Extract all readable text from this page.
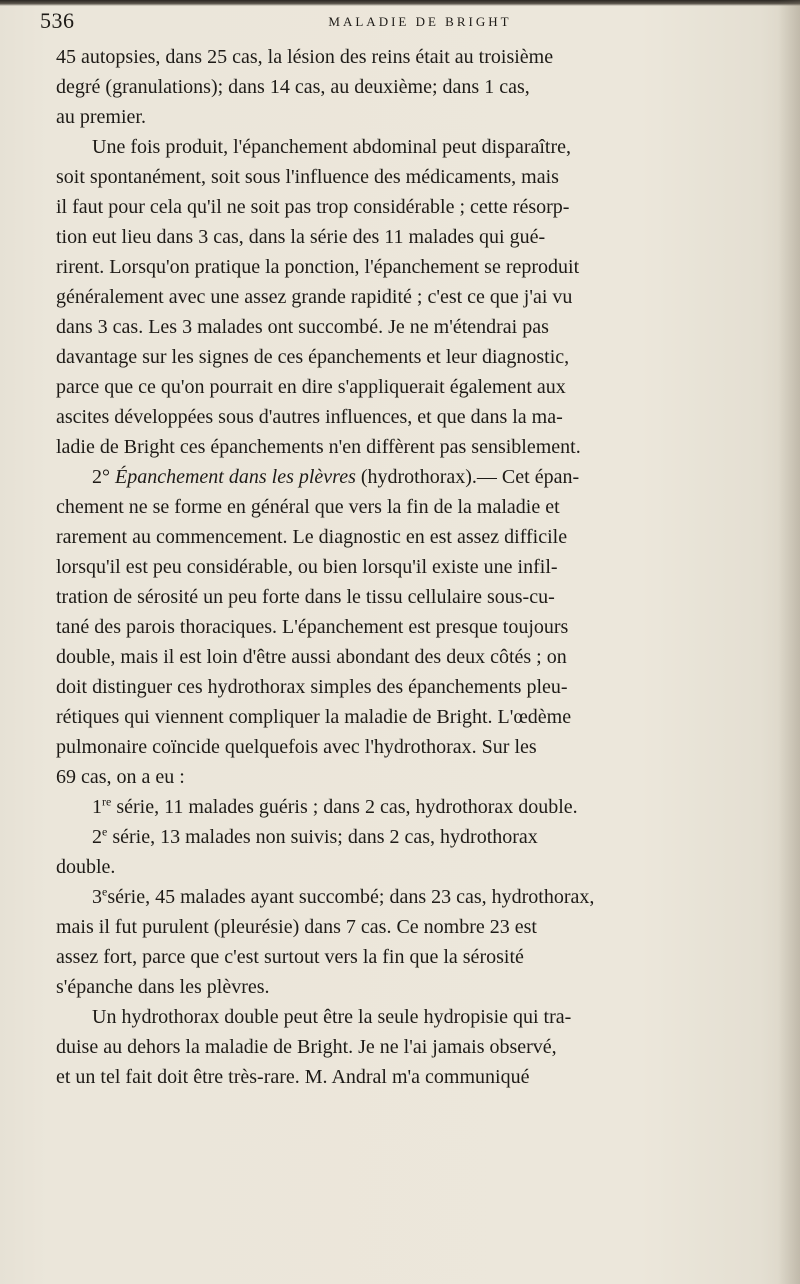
536	MALADIE DE BRIGHT

45 autopsies, dans 25 cas, la lésion des reins était au troisième
degré (granulations); dans 14 cas, au deuxième; dans 1 cas,
au premier.

Une fois produit, l'épanchement abdominal peut disparaître,
soit spontanément, soit sous l'influence des médicaments, mais
il faut pour cela qu'il ne soit pas trop considérable ; cette résorp-
tion eut lieu dans 3 cas, dans la série des 11 malades qui gué-
rirent. Lorsqu'on pratique la ponction, l'épanchement se reproduit
généralement avec une assez grande rapidité ; c'est ce que j'ai vu
dans 3 cas. Les 3 malades ont succombé. Je ne m'étendrai pas
davantage sur les signes de ces épanchements et leur diagnostic,
parce que ce qu'on pourrait en dire s'appliquerait également aux
ascites développées sous d'autres influences, et que dans la ma-
ladie de Bright ces épanchements n'en diffèrent pas sensiblement.

2° Épanchement dans les plèvres (hydrothorax).— Cet épan-
chement ne se forme en général que vers la fin de la maladie et
rarement au commencement. Le diagnostic en est assez difficile
lorsqu'il est peu considérable, ou bien lorsqu'il existe une infil-
tration de sérosité un peu forte dans le tissu cellulaire sous-cu-
tané des parois thoraciques. L'épanchement est presque toujours
double, mais il est loin d'être aussi abondant des deux côtés ; on
doit distinguer ces hydrothorax simples des épanchements pleu-
rétiques qui viennent compliquer la maladie de Bright. L'œdème
pulmonaire coïncide quelquefois avec l'hydrothorax. Sur les
69 cas, on a eu :

1re série, 11 malades guéris ; dans 2 cas, hydrothorax double.

2e série, 13 malades non suivis; dans 2 cas, hydrothorax
double.

3esérie, 45 malades ayant succombé; dans 23 cas, hydrothorax,
mais il fut purulent (pleurésie) dans 7 cas. Ce nombre 23 est
assez fort, parce que c'est surtout vers la fin que la sérosité
s'épanche dans les plèvres.

Un hydrothorax double peut être la seule hydropisie qui tra-
duise au dehors la maladie de Bright. Je ne l'ai jamais observé,
et un tel fait doit être très-rare. M. Andral m'a communiqué
